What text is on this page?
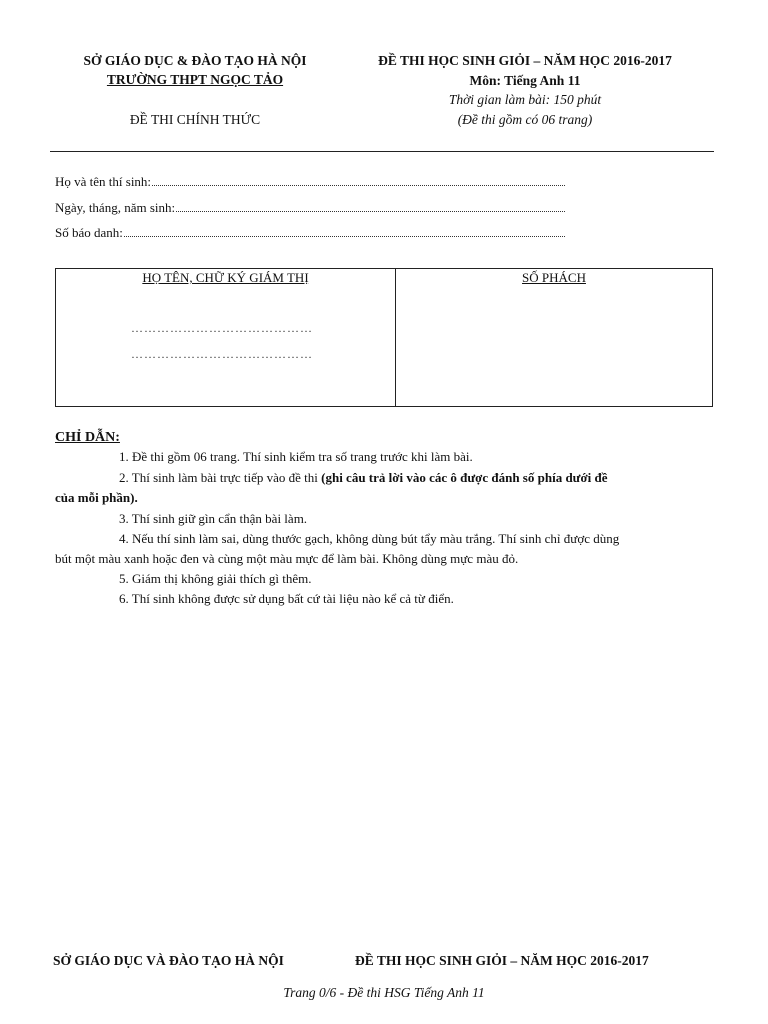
SỞ GIÁO DỤC & ĐÀO TẠO HÀ NỘI
TRƯỜNG THPT NGỌC TẢO
ĐỀ THI CHÍNH THỨC
ĐỀ THI HỌC SINH GIỎI – NĂM HỌC 2016-2017
Môn: Tiếng Anh 11
Thời gian làm bài: 150 phút
(Đề thi gồm có 06 trang)
Họ và tên thí sinh:
Ngày, tháng, năm sinh:
Số báo danh:
HỌ TÊN, CHỮ KÝ GIÁM THỊ
……………………………………
……………………………………
SỐ PHÁCH
CHỈ DẪN:
1. Đề thi gồm 06 trang. Thí sinh kiểm tra số trang trước khi làm bài.
2. Thí sinh làm bài trực tiếp vào đề thi (ghi câu trả lời vào các ô được đánh số phía dưới đề
của mỗi phần).
3. Thí sinh giữ gìn cẩn thận bài làm.
4. Nếu thí sinh làm sai, dùng thước gạch, không dùng bút tẩy màu trắng. Thí sinh chỉ được dùng
bút một màu xanh hoặc đen và cùng một màu mực để làm bài. Không dùng mực màu đỏ.
5. Giám thị không giải thích gì thêm.
6. Thí sinh không được sử dụng bất cứ tài liệu nào kể cả từ điển.
SỞ GIÁO DỤC VÀ ĐÀO TẠO HÀ NỘI	ĐỀ THI HỌC SINH GIỎI – NĂM HỌC 2016-2017
Trang 0/6 - Đề thi HSG Tiếng Anh 11
